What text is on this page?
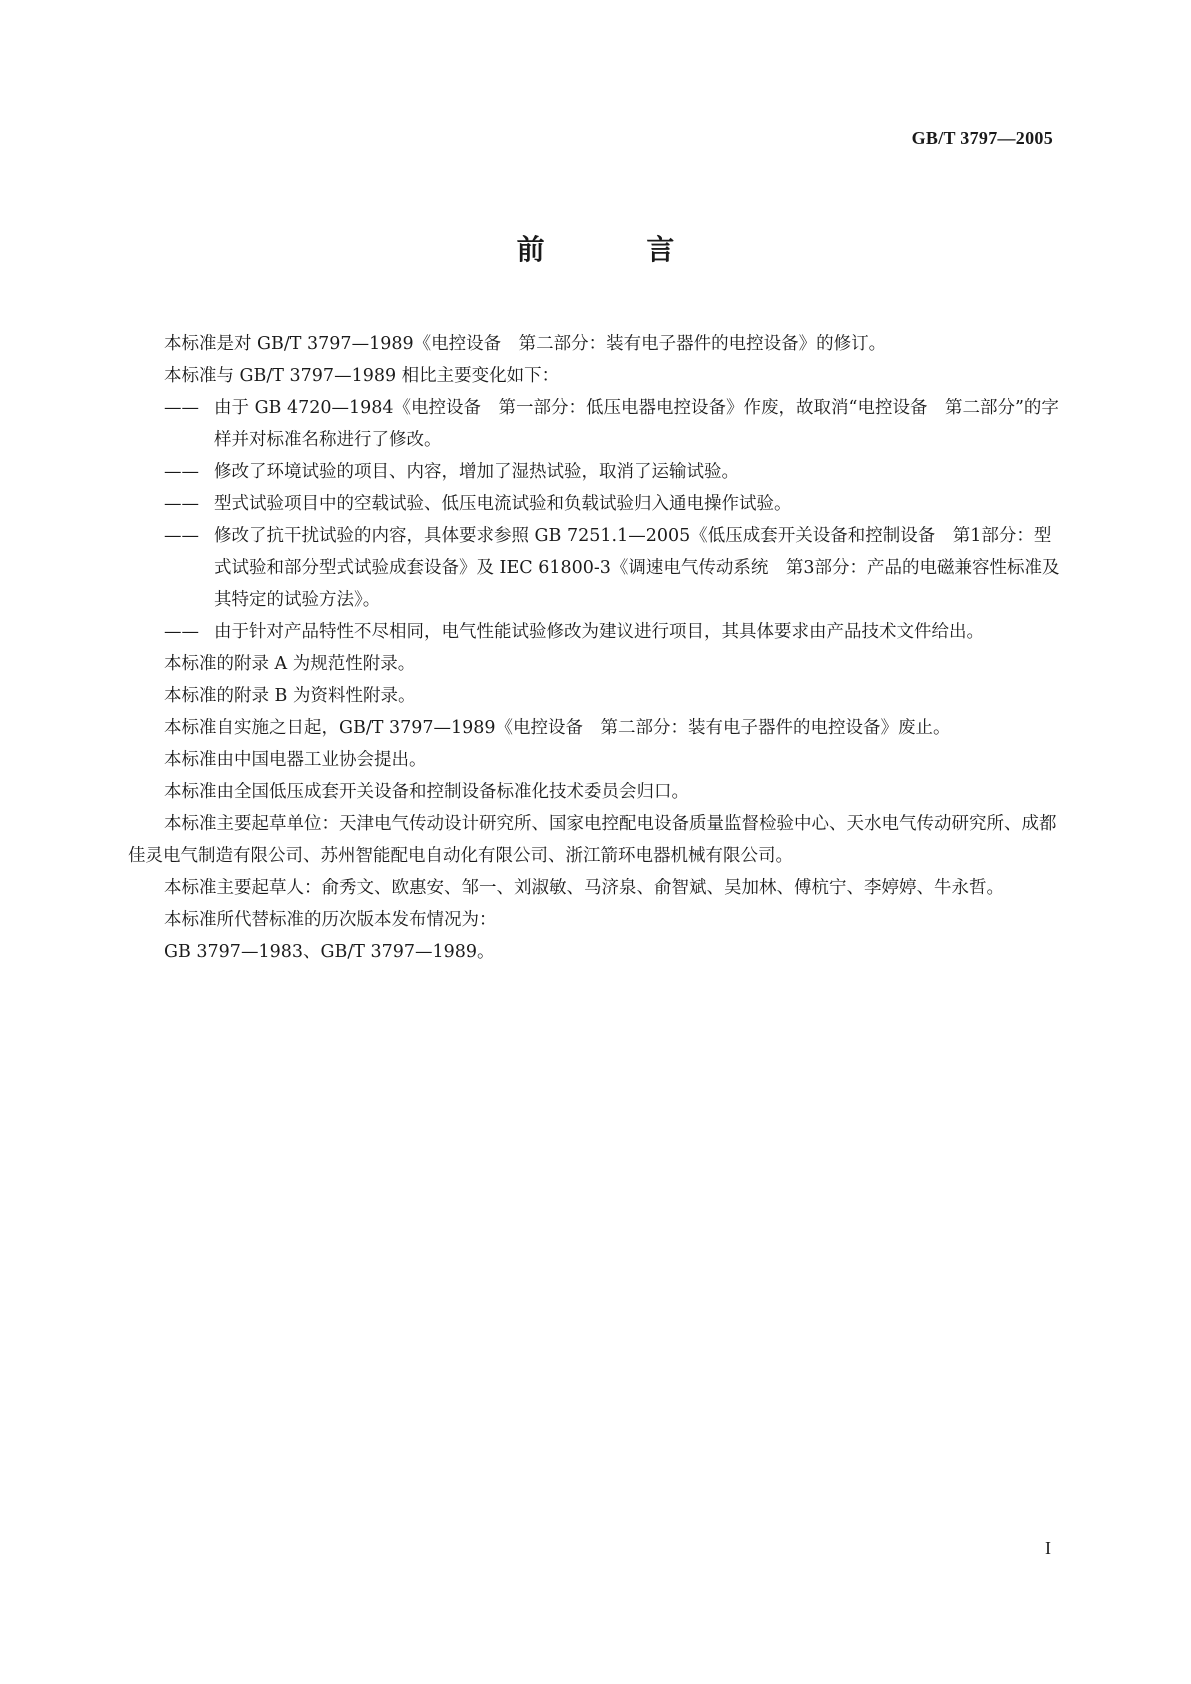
GB/T 3797—2005
前 言

本标准是对 GB/T 3797—1989《电控设备　第二部分：装有电子器件的电控设备》的修订。

本标准与 GB/T 3797—1989 相比主要变化如下：

—— 由于 GB 4720—1984《电控设备　第一部分：低压电器电控设备》作废，故取消“电控设备　第二部分”的字样并对标准名称进行了修改。

—— 修改了环境试验的项目、内容，增加了湿热试验，取消了运输试验。

—— 型式试验项目中的空载试验、低压电流试验和负载试验归入通电操作试验。

—— 修改了抗干扰试验的内容，具体要求参照 GB 7251.1—2005《低压成套开关设备和控制设备　第1部分：型式试验和部分型式试验成套设备》及 IEC 61800-3《调速电气传动系统　第3部分：产品的电磁兼容性标准及其特定的试验方法》。

—— 由于针对产品特性不尽相同，电气性能试验修改为建议进行项目，其具体要求由产品技术文件给出。

本标准的附录 A 为规范性附录。

本标准的附录 B 为资料性附录。

本标准自实施之日起，GB/T 3797—1989《电控设备　第二部分：装有电子器件的电控设备》废止。

本标准由中国电器工业协会提出。

本标准由全国低压成套开关设备和控制设备标准化技术委员会归口。

本标准主要起草单位：天津电气传动设计研究所、国家电控配电设备质量监督检验中心、天水电气传动研究所、成都佳灵电气制造有限公司、苏州智能配电自动化有限公司、浙江箭环电器机械有限公司。

本标准主要起草人：俞秀文、欧惠安、邹一、刘淑敏、马济泉、俞智斌、吴加林、傅杭宁、李婷婷、牛永哲。

本标准所代替标准的历次版本发布情况为：

GB 3797—1983、GB/T 3797—1989。

I
